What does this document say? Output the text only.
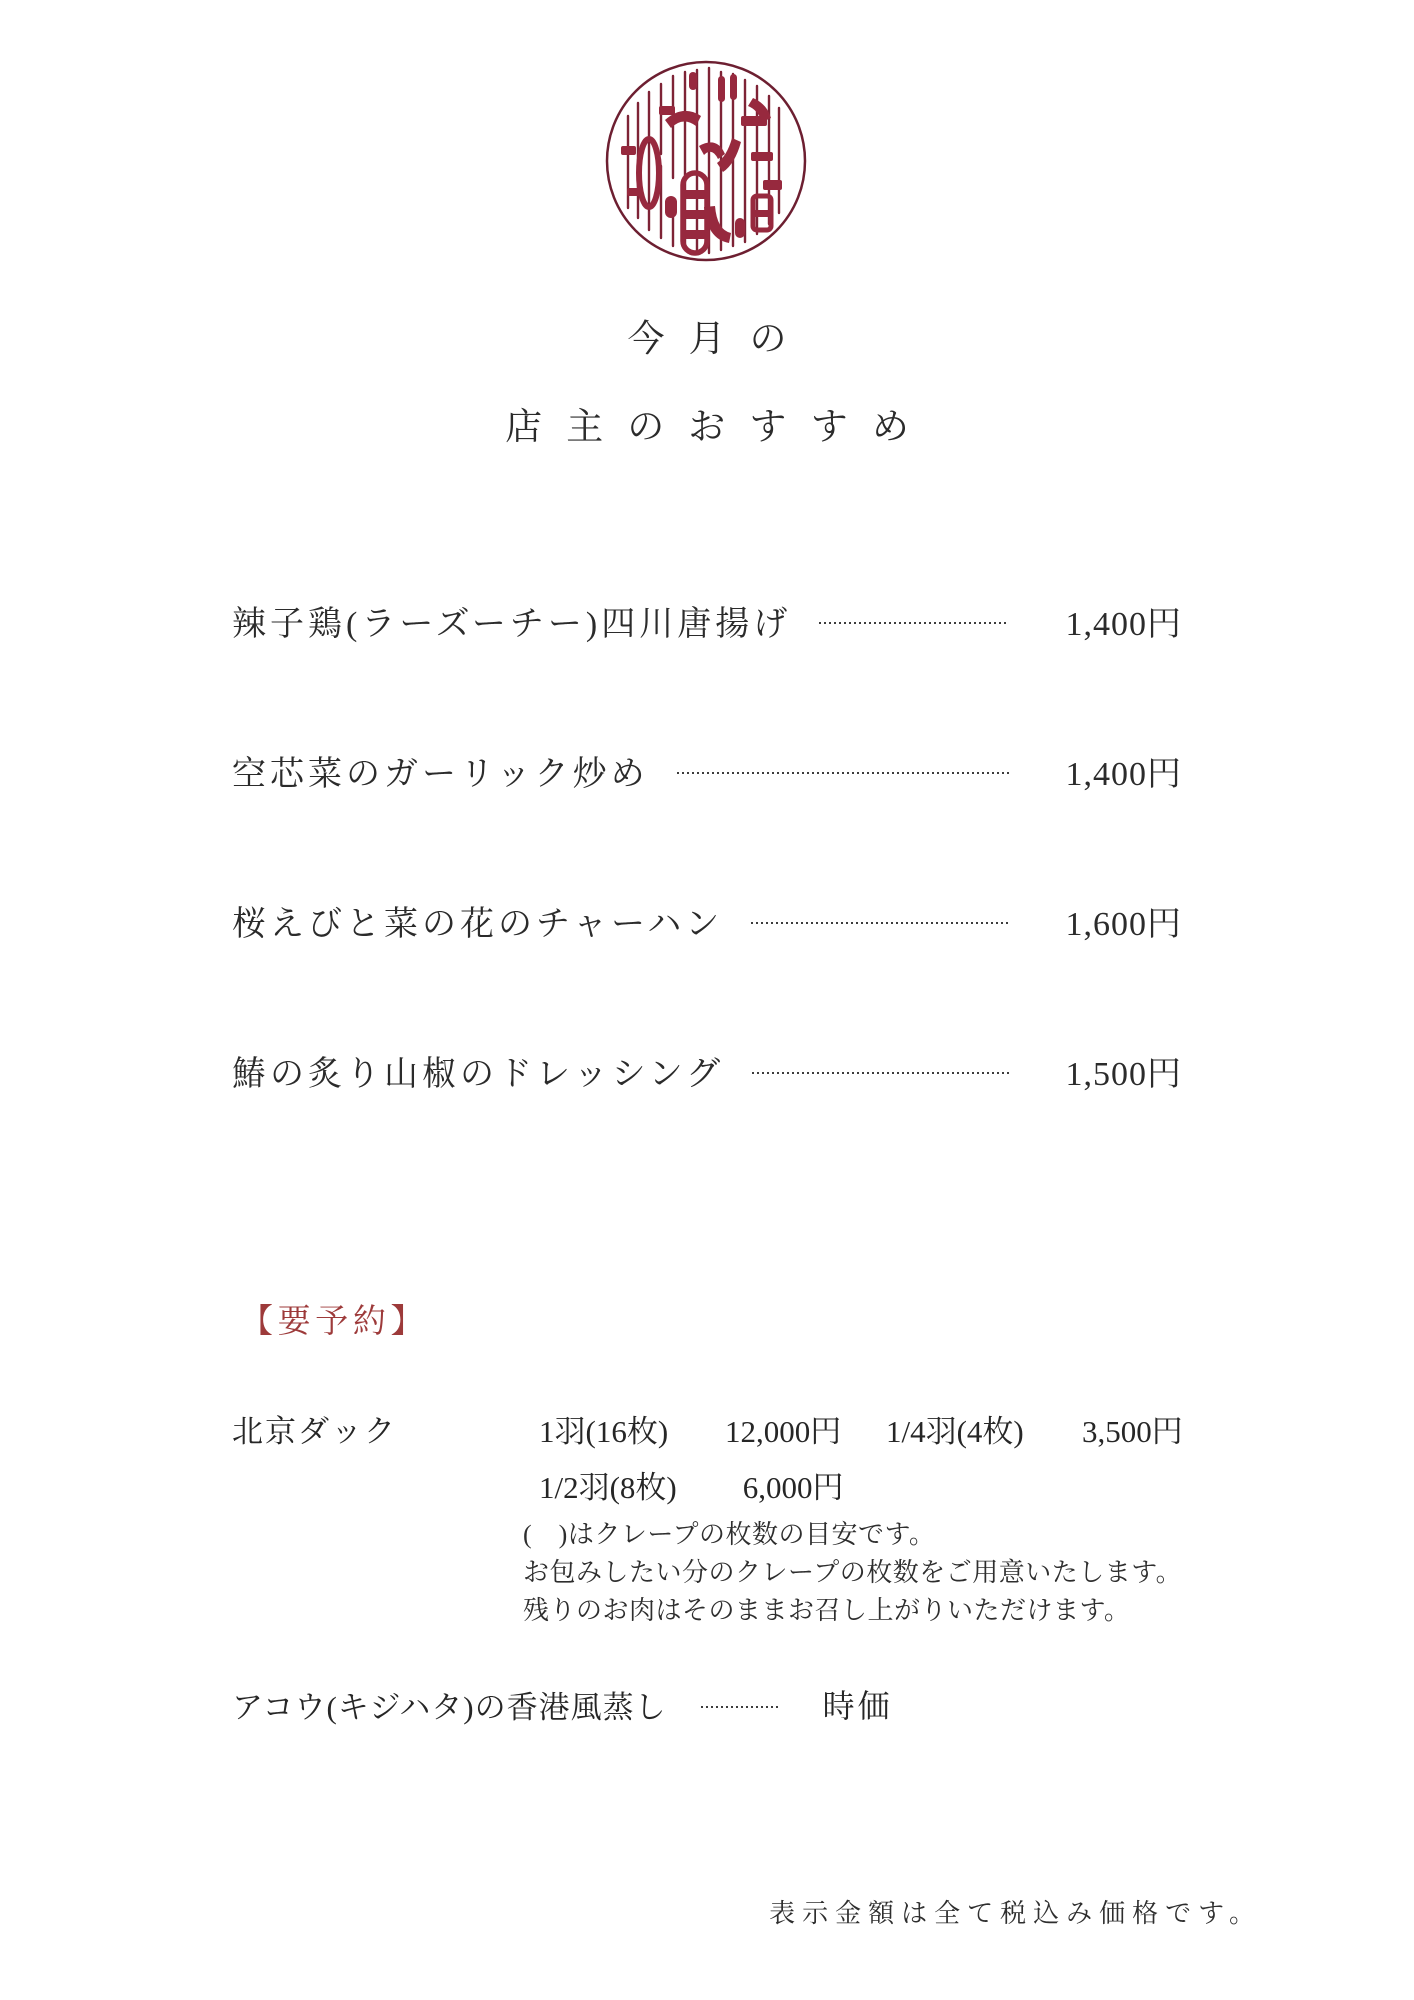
今月の
店主のおすすめ
辣子鶏(ラーズーチー)四川唐揚げ	1,400円
空芯菜のガーリック炒め	1,400円
桜えびと菜の花のチャーハン	1,600円
鰆の炙り山椒のドレッシング	1,500円
【要予約】
北京ダック	1羽(16枚)	12,000円 1/4羽(4枚) 3,500円
1/2羽(8枚) 6,000円

(　)はクレープの枚数の目安です。

お包みしたい分のクレープの枚数をご用意いたします。

残りのお肉はそのままお召し上がりいただけます。

アコウ(キジハタ)の香港風蒸し	時価
表示金額は全て税込み価格です。
